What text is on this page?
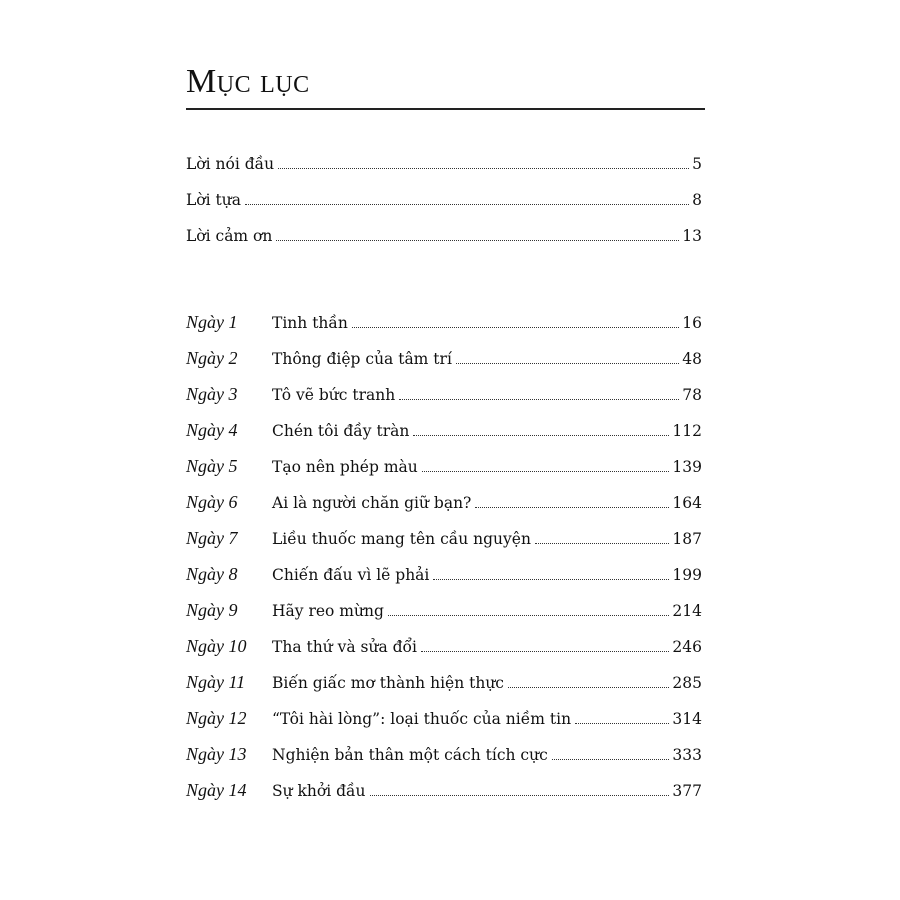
Mục lục
Lời nói đầu	5
Lời tựa	8
Lời cảm ơn	13
Ngày 1	Tinh thần	16
Ngày 2	Thông điệp của tâm trí	48
Ngày 3	Tô vẽ bức tranh	78
Ngày 4	Chén tôi đầy tràn	112
Ngày 5	Tạo nên phép màu	139
Ngày 6	Ai là người chăn giữ bạn?	164
Ngày 7	Liều thuốc mang tên cầu nguyện	187
Ngày 8	Chiến đấu vì lẽ phải	199
Ngày 9	Hãy reo mừng	214
Ngày 10	Tha thứ và sửa đổi	246
Ngày 11	Biến giấc mơ thành hiện thực	285
Ngày 12	“Tôi hài lòng”: loại thuốc của niềm tin	314
Ngày 13	Nghiện bản thân một cách tích cực	333
Ngày 14	Sự khởi đầu	377
